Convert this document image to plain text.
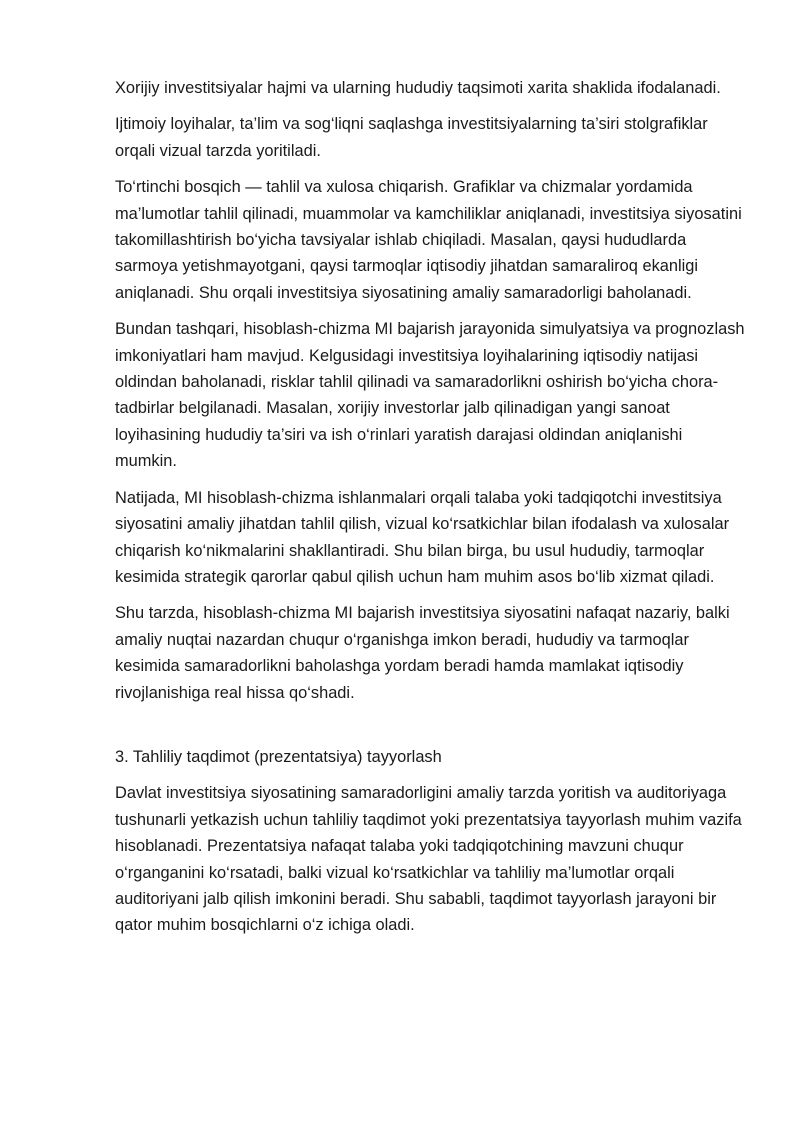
Xorijiy investitsiyalar hajmi va ularning hududiy taqsimoti xarita shaklida ifodalanadi.

Ijtimoiy loyihalar, ta’lim va sog‘liqni saqlashga investitsiyalarning ta’siri stolgrafiklar orqali vizual tarzda yoritiladi.

To‘rtinchi bosqich — tahlil va xulosa chiqarish. Grafiklar va chizmalar yordamida ma’lumotlar tahlil qilinadi, muammolar va kamchiliklar aniqlanadi, investitsiya siyosatini takomillashtirish bo‘yicha tavsiyalar ishlab chiqiladi. Masalan, qaysi hududlarda sarmoya yetishmayotgani, qaysi tarmoqlar iqtisodiy jihatdan samaraliroq ekanligi aniqlanadi. Shu orqali investitsiya siyosatining amaliy samaradorligi baholanadi.

Bundan tashqari, hisoblash-chizma MI bajarish jarayonida simulyatsiya va prognozlash imkoniyatlari ham mavjud. Kelgusidagi investitsiya loyihalarining iqtisodiy natijasi oldindan baholanadi, risklar tahlil qilinadi va samaradorlikni oshirish bo‘yicha chora-tadbirlar belgilanadi. Masalan, xorijiy investorlar jalb qilinadigan yangi sanoat loyihasining hududiy ta’siri va ish o‘rinlari yaratish darajasi oldindan aniqlanishi mumkin.

Natijada, MI hisoblash-chizma ishlanmalari orqali talaba yoki tadqiqotchi investitsiya siyosatini amaliy jihatdan tahlil qilish, vizual ko‘rsatkichlar bilan ifodalash va xulosalar chiqarish ko‘nikmalarini shakllantiradi. Shu bilan birga, bu usul hududiy, tarmoqlar kesimida strategik qarorlar qabul qilish uchun ham muhim asos bo‘lib xizmat qiladi.

Shu tarzda, hisoblash-chizma MI bajarish investitsiya siyosatini nafaqat nazariy, balki amaliy nuqtai nazardan chuqur o‘rganishga imkon beradi, hududiy va tarmoqlar kesimida samaradorlikni baholashga yordam beradi hamda mamlakat iqtisodiy rivojlanishiga real hissa qo‘shadi.

3. Tahliliy taqdimot (prezentatsiya) tayyorlash

Davlat investitsiya siyosatining samaradorligini amaliy tarzda yoritish va auditoriyaga tushunarli yetkazish uchun tahliliy taqdimot yoki prezentatsiya tayyorlash muhim vazifa hisoblanadi. Prezentatsiya nafaqat talaba yoki tadqiqotchining mavzuni chuqur o‘rganganini ko‘rsatadi, balki vizual ko‘rsatkichlar va tahliliy ma’lumotlar orqali auditoriyani jalb qilish imkonini beradi. Shu sababli, taqdimot tayyorlash jarayoni bir qator muhim bosqichlarni o‘z ichiga oladi.
